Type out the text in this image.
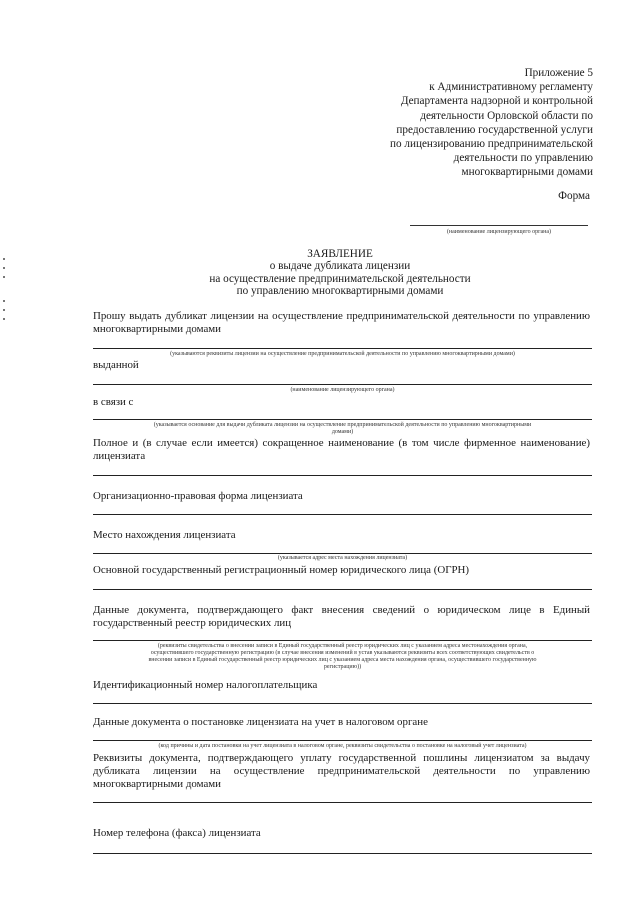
Приложение 5
к Административному регламенту
Департамента надзорной и контрольной
деятельности Орловской области по
предоставлению государственной услуги
по лицензированию предпринимательской
деятельности по управлению
многоквартирными домами
Форма
(наименование лицензирующего органа)
ЗАЯВЛЕНИЕ
о выдаче дубликата лицензии
на осуществление предпринимательской деятельности
по управлению многоквартирными домами
Прошу выдать дубликат лицензии на осуществление предпринимательской деятельности по управлению
многоквартирными домами
(указываются реквизиты лицензии на осуществление предпринимательской деятельности по управлению многоквартирными домами)
выданной
(наименование лицензирующего органа)
в связи с
(указывается основание для выдачи дубликата лицензии на осуществление предпринимательской деятельности по управлению многоквартирными
домами)
Полное и (в случае если имеется) сокращенное наименование (в том числе фирменное наименование)
лицензиата
Организационно-правовая форма лицензиата
Место нахождения лицензиата
(указывается адрес места нахождения лицензиата)
Основной государственный регистрационный номер юридического лица (ОГРН)
Данные документа, подтверждающего факт внесения сведений о юридическом лице в Единый
государственный реестр юридических лиц
(реквизиты свидетельства о внесении записи в Единый государственный реестр юридических лиц с указанием адреса местонахождения органа,
осуществившего государственную регистрацию (в случае внесения изменений в устав указываются реквизиты всех соответствующих свидетельств о
внесении записи в Единый государственный реестр юридических лиц с указанием адреса места нахождения органа, осуществившего государственную
регистрацию))
Идентификационный номер налогоплательщика
Данные документа о постановке лицензиата на учет в налоговом органе
(код причины и дата постановки на учет лицензиата в налоговом органе, реквизиты свидетельства о постановке на налоговый учет лицензиата)
Реквизиты документа, подтверждающего уплату государственной пошлины лицензиатом за выдачу
дубликата лицензии на осуществление предпринимательской деятельности по управлению
многоквартирными домами
Номер телефона (факса) лицензиата
